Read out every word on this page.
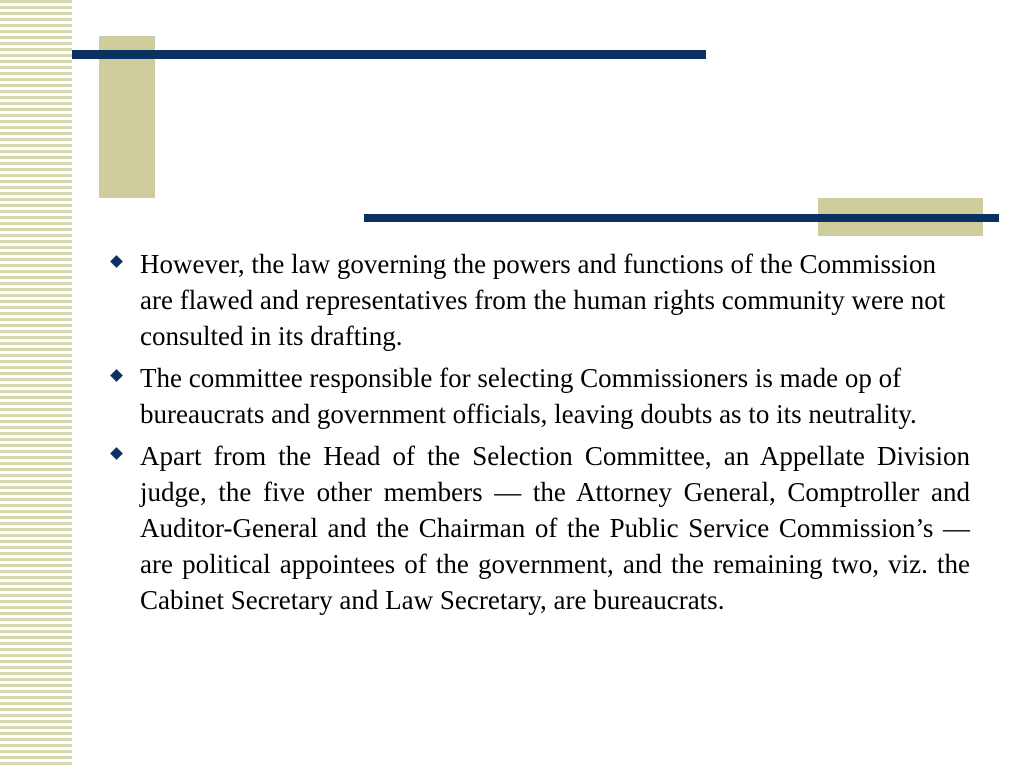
However, the law governing the powers and functions of the Commission are flawed and representatives from the human rights community were not consulted in its drafting.
The committee responsible for selecting Commissioners is made op of bureaucrats and government officials, leaving doubts as to its neutrality.
Apart from the Head of the Selection Committee, an Appellate Division judge, the five other members — the Attorney General, Comptroller and Auditor-General and the Chairman of the Public Service Commission’s — are political appointees of the government, and the remaining two, viz. the Cabinet Secretary and Law Secretary, are bureaucrats.
